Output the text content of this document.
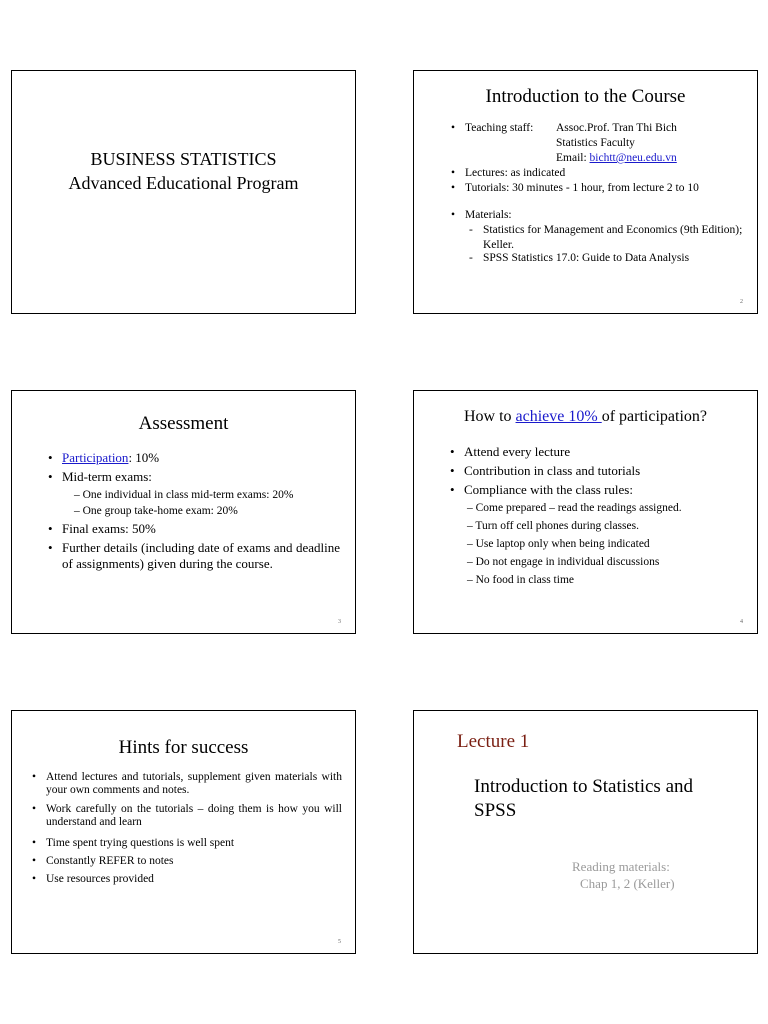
BUSINESS STATISTICS
Advanced Educational Program
Introduction to the Course
• Teaching staff:	Assoc.Prof. Tran Thi Bich
Statistics Faculty
Email: bichtt@neu.edu.vn
• Lectures: as indicated
• Tutorials: 30 minutes - 1 hour, from lecture 2 to 10
• Materials:
- Statistics for Management and Economics (9th Edition); Keller.
- SPSS Statistics 17.0: Guide to Data Analysis
2
Assessment
• Participation: 10%
• Mid-term exams:
– One individual in class mid-term exams: 20%
– One group take-home exam: 20%
• Final exams: 50%
• Further details (including date of exams and deadline of assignments) given during the course.
3
How to achieve 10% of participation?
• Attend every lecture
• Contribution in class and tutorials
• Compliance with the class rules:
– Come prepared – read the readings assigned.
– Turn off cell phones during classes.
– Use laptop only when being indicated
– Do not engage in individual discussions
– No food in class time
4
Hints for success
• Attend lectures and tutorials, supplement given materials with your own comments and notes.
• Work carefully on the tutorials – doing them is how you will understand and learn
• Time spent trying questions is well spent
• Constantly REFER to notes
• Use resources provided
5
Lecture 1
Introduction to Statistics and
SPSS
Reading materials:
Chap 1, 2 (Keller)
